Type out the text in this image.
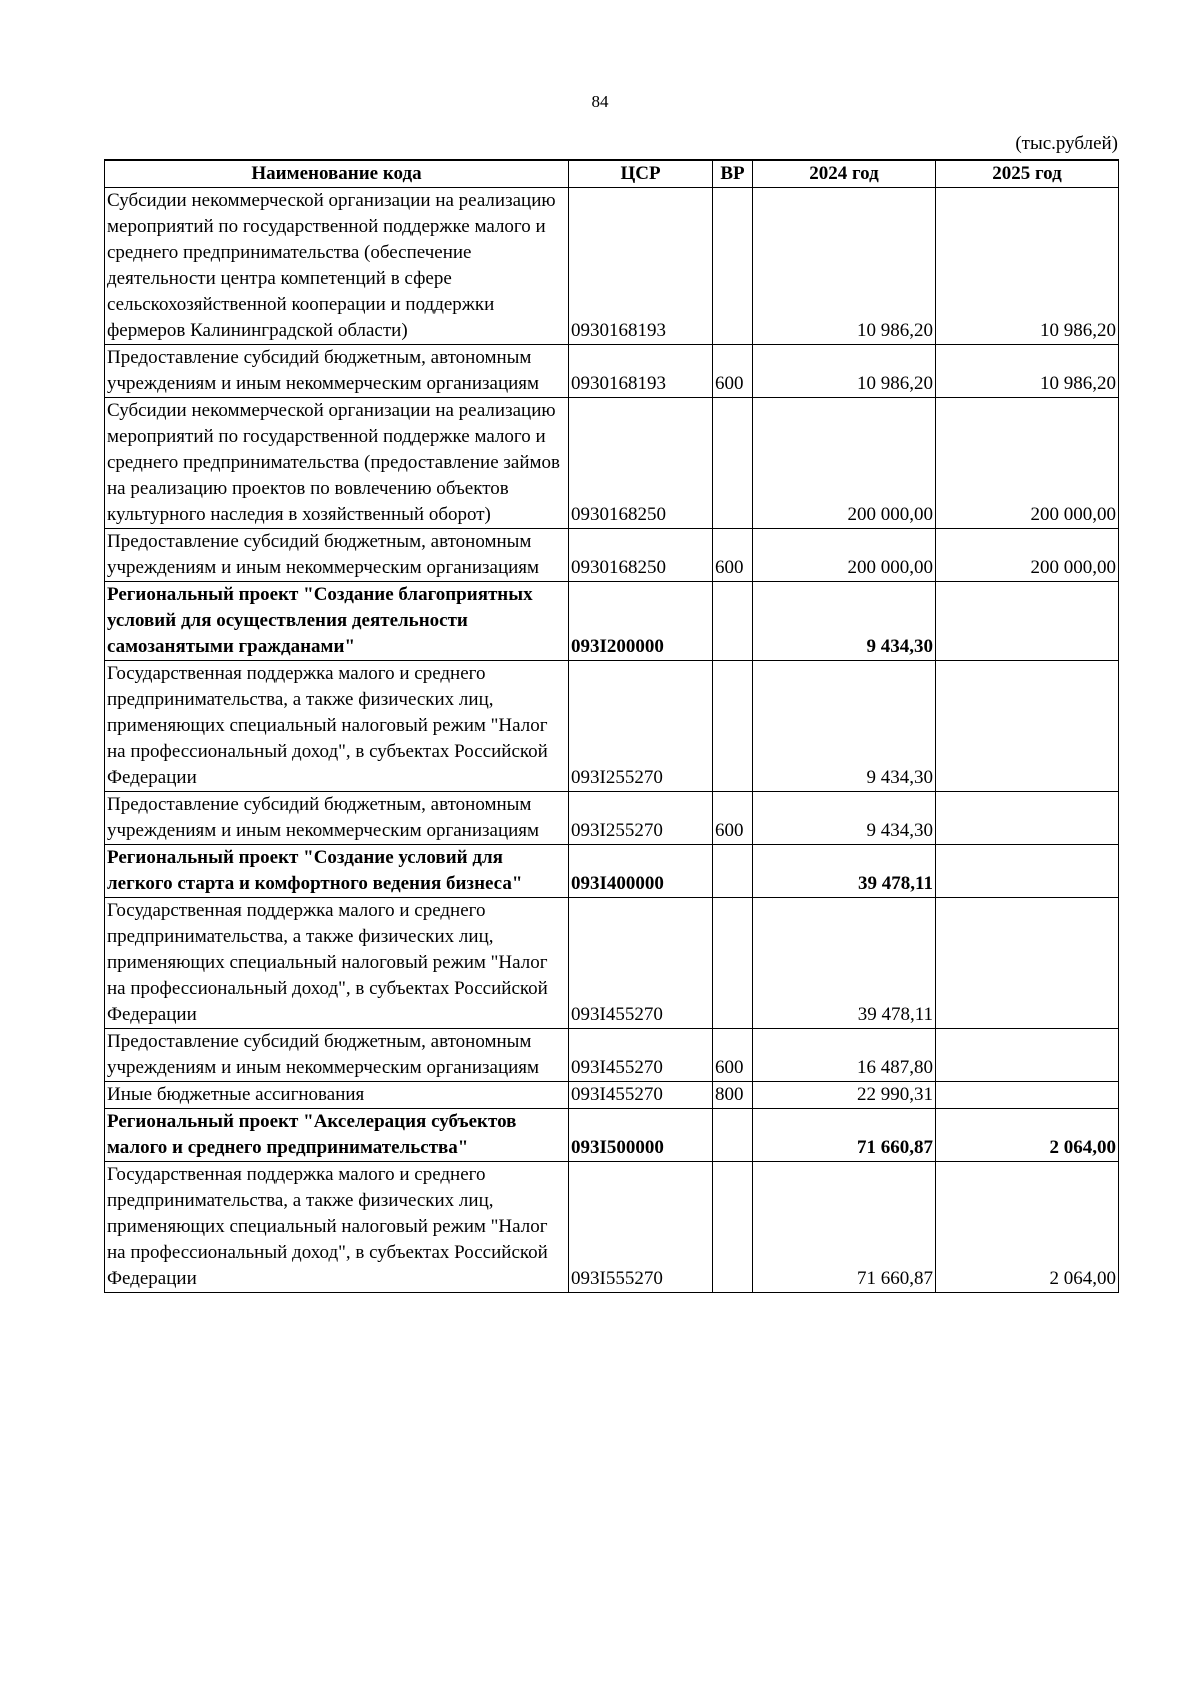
84
(тыс.рублей)
Наименование кода	ЦСР	ВР	2024 год	2025 год
Субсидии некоммерческой организации на реализацию мероприятий по государственной поддержке малого и среднего предпринимательства (обеспечение деятельности центра компетенций в сфере сельскохозяйственной кооперации и поддержки фермеров Калининградской области)	0930168193		10 986,20	10 986,20
Предоставление субсидий бюджетным, автономным учреждениям и иным некоммерческим организациям	0930168193	600	10 986,20	10 986,20
Субсидии некоммерческой организации на реализацию мероприятий по государственной поддержке малого и среднего предпринимательства (предоставление займов на реализацию проектов по вовлечению объектов культурного наследия в хозяйственный оборот)	0930168250		200 000,00	200 000,00
Предоставление субсидий бюджетным, автономным учреждениям и иным некоммерческим организациям	0930168250	600	200 000,00	200 000,00
Региональный проект "Создание благоприятных условий для осуществления деятельности самозанятыми гражданами"	093I200000		9 434,30	
Государственная поддержка малого и среднего предпринимательства, а также физических лиц, применяющих специальный налоговый режим "Налог на профессиональный доход", в субъектах Российской Федерации	093I255270		9 434,30	
Предоставление субсидий бюджетным, автономным учреждениям и иным некоммерческим организациям	093I255270	600	9 434,30	
Региональный проект "Создание условий для легкого старта и комфортного ведения бизнеса"	093I400000		39 478,11	
Государственная поддержка малого и среднего предпринимательства, а также физических лиц, применяющих специальный налоговый режим "Налог на профессиональный доход", в субъектах Российской Федерации	093I455270		39 478,11	
Предоставление субсидий бюджетным, автономным учреждениям и иным некоммерческим организациям	093I455270	600	16 487,80	
Иные бюджетные ассигнования	093I455270	800	22 990,31	
Региональный проект "Акселерация субъектов малого и среднего предпринимательства"	093I500000		71 660,87	2 064,00
Государственная поддержка малого и среднего предпринимательства, а также физических лиц, применяющих специальный налоговый режим "Налог на профессиональный доход", в субъектах Российской Федерации	093I555270		71 660,87	2 064,00
